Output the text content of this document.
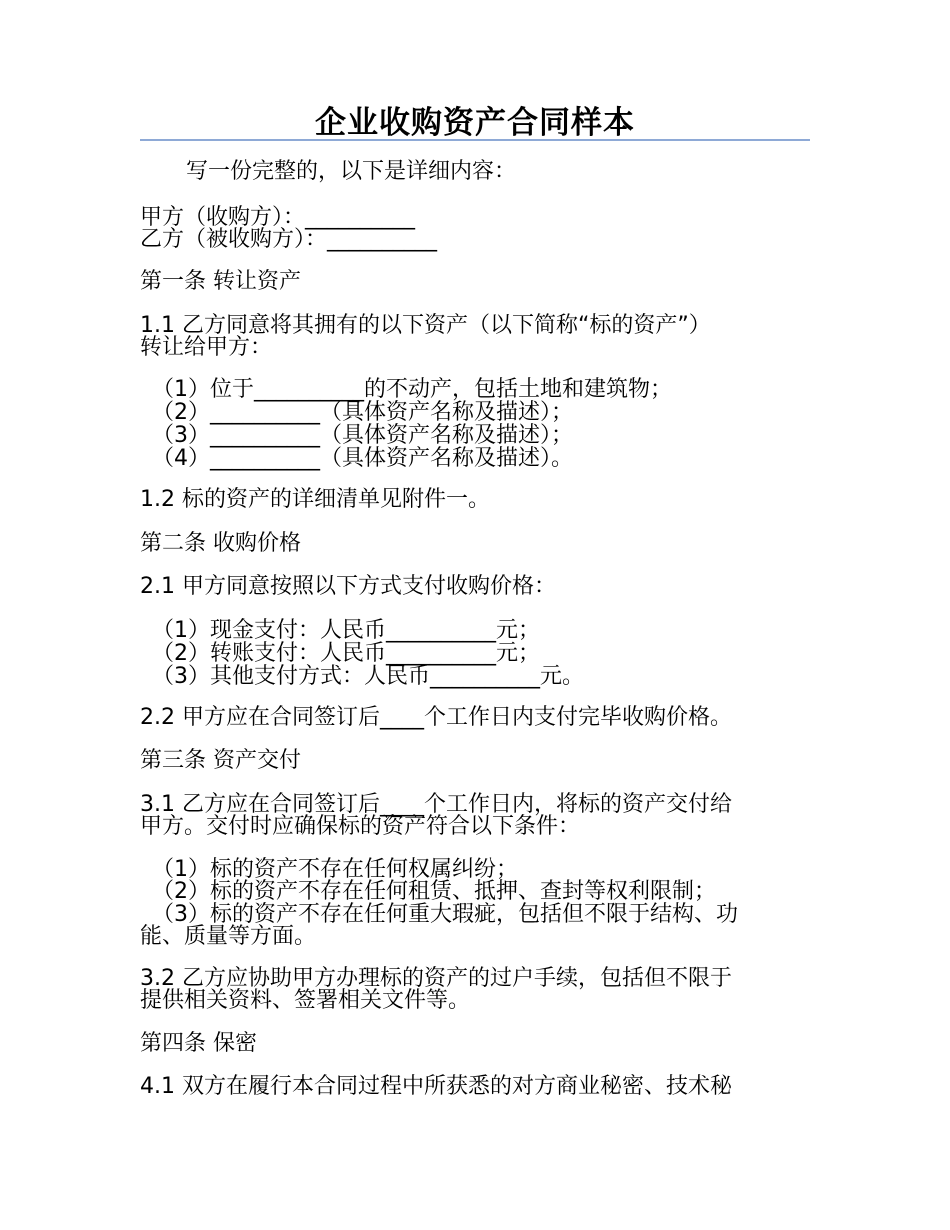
企业收购资产合同样本
写一份完整的，以下是详细内容：
甲方（收购方）：__________
乙方（被收购方）：__________
第一条 转让资产
1.1 乙方同意将其拥有的以下资产（以下简称“标的资产”）
转让给甲方：
（1）位于__________的不动产，包括土地和建筑物；
（2）__________（具体资产名称及描述）；
（3）__________（具体资产名称及描述）；
（4）__________（具体资产名称及描述）。
1.2 标的资产的详细清单见附件一。
第二条 收购价格
2.1 甲方同意按照以下方式支付收购价格：
（1）现金支付：人民币__________元；
（2）转账支付：人民币__________元；
（3）其他支付方式：人民币__________元。
2.2 甲方应在合同签订后____个工作日内支付完毕收购价格。
第三条 资产交付
3.1 乙方应在合同签订后____个工作日内，将标的资产交付给
甲方。交付时应确保标的资产符合以下条件：
（1）标的资产不存在任何权属纠纷；
（2）标的资产不存在任何租赁、抵押、查封等权利限制；
（3）标的资产不存在任何重大瑕疵，包括但不限于结构、功
能、质量等方面。
3.2 乙方应协助甲方办理标的资产的过户手续，包括但不限于
提供相关资料、签署相关文件等。
第四条 保密
4.1 双方在履行本合同过程中所获悉的对方商业秘密、技术秘
